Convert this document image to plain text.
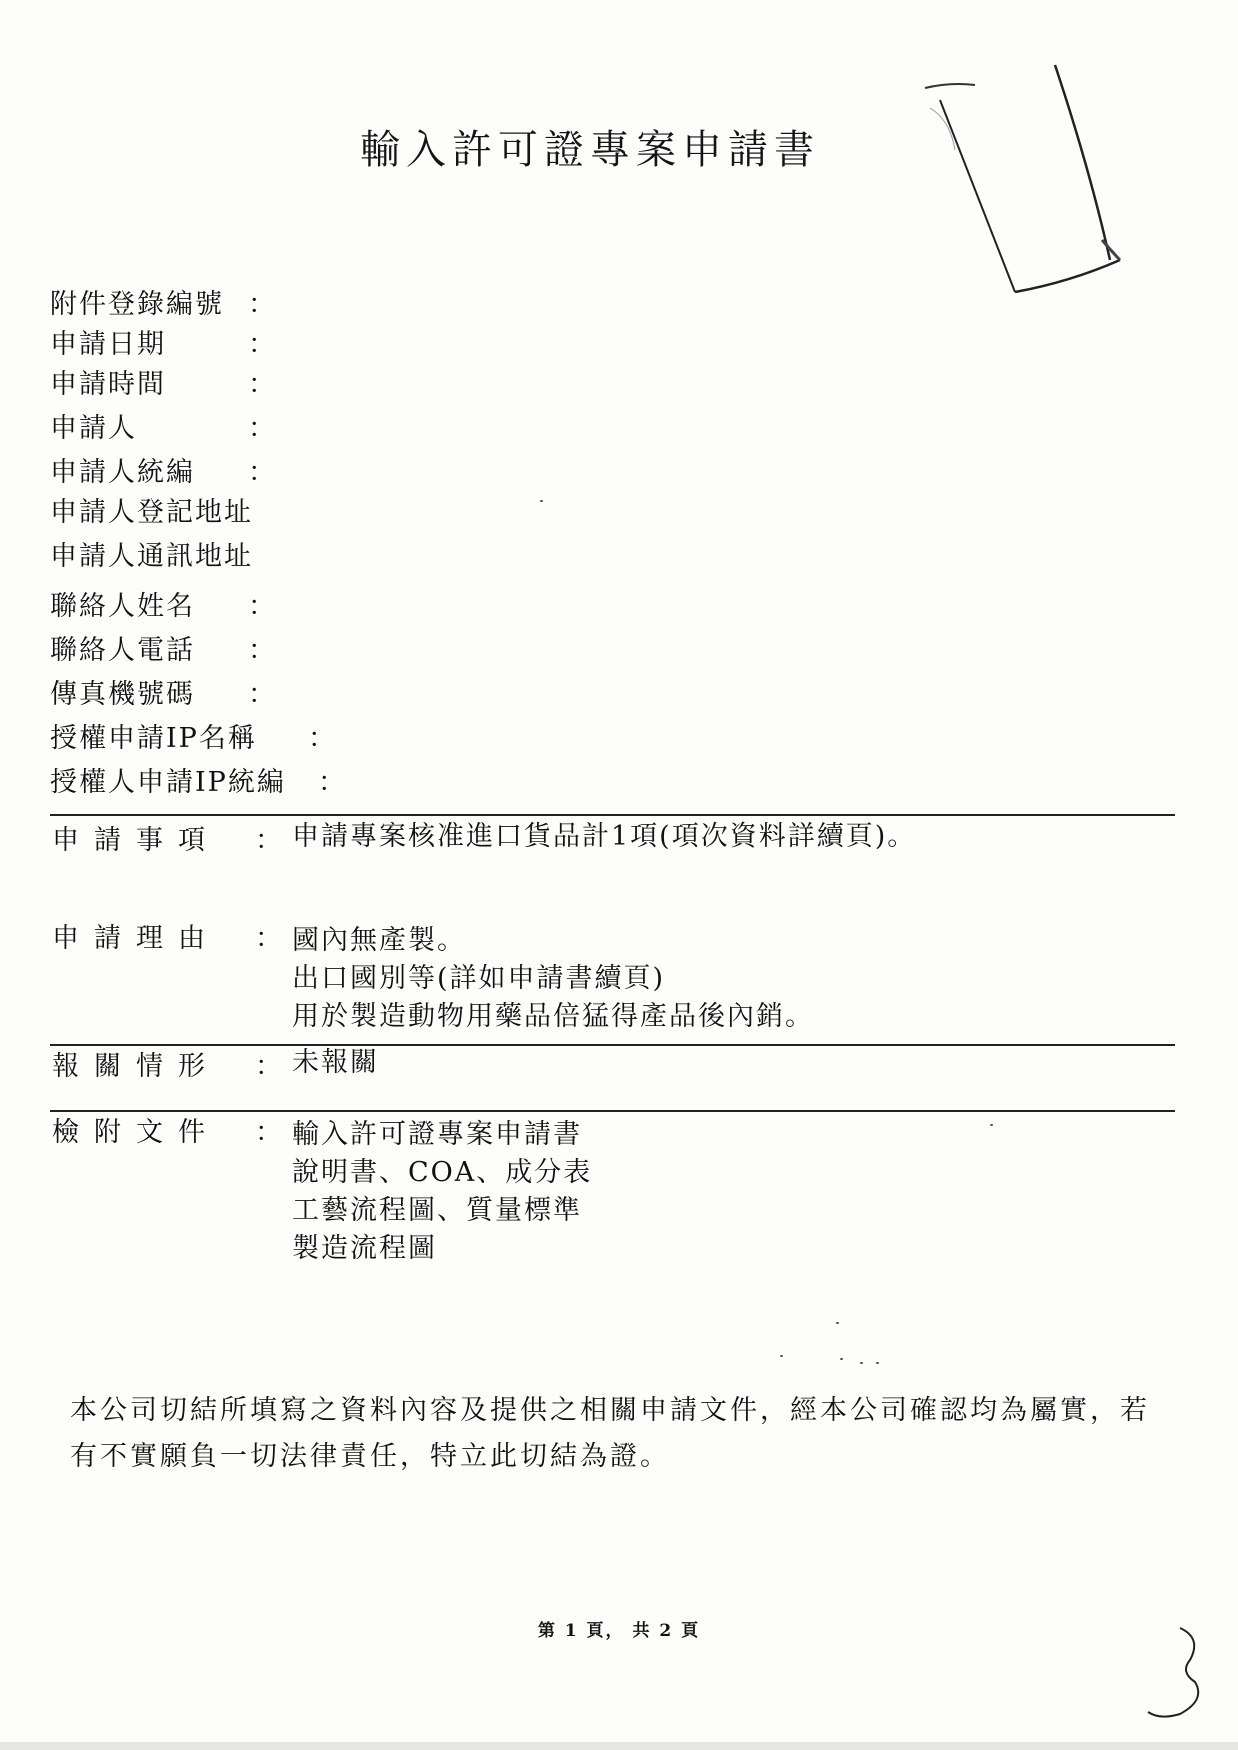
輸入許可證專案申請書
附件登錄編號 ：
申請日期	：
申請時間	：
申請人	：
申請人統編 ：
申請人登記地址
申請人通訊地址
聯絡人姓名 ：
聯絡人電話 ：
傳真機號碼 ：
授權申請IP名稱 ：
授權人申請IP統編 ：
申請事項 ： 申請專案核准進口貨品計1項(項次資料詳續頁)。
申請理由 ： 國內無產製。
出口國別等(詳如申請書續頁)
用於製造動物用藥品倍猛得產品後內銷。
報關情形 ： 未報關
檢附文件 ： 輸入許可證專案申請書
說明書、COA、成分表
工藝流程圖、質量標準
製造流程圖
本公司切結所填寫之資料內容及提供之相關申請文件，經本公司確認均為屬實，若有不實願負一切法律責任，特立此切結為證。
第 1 頁， 共 2 頁
